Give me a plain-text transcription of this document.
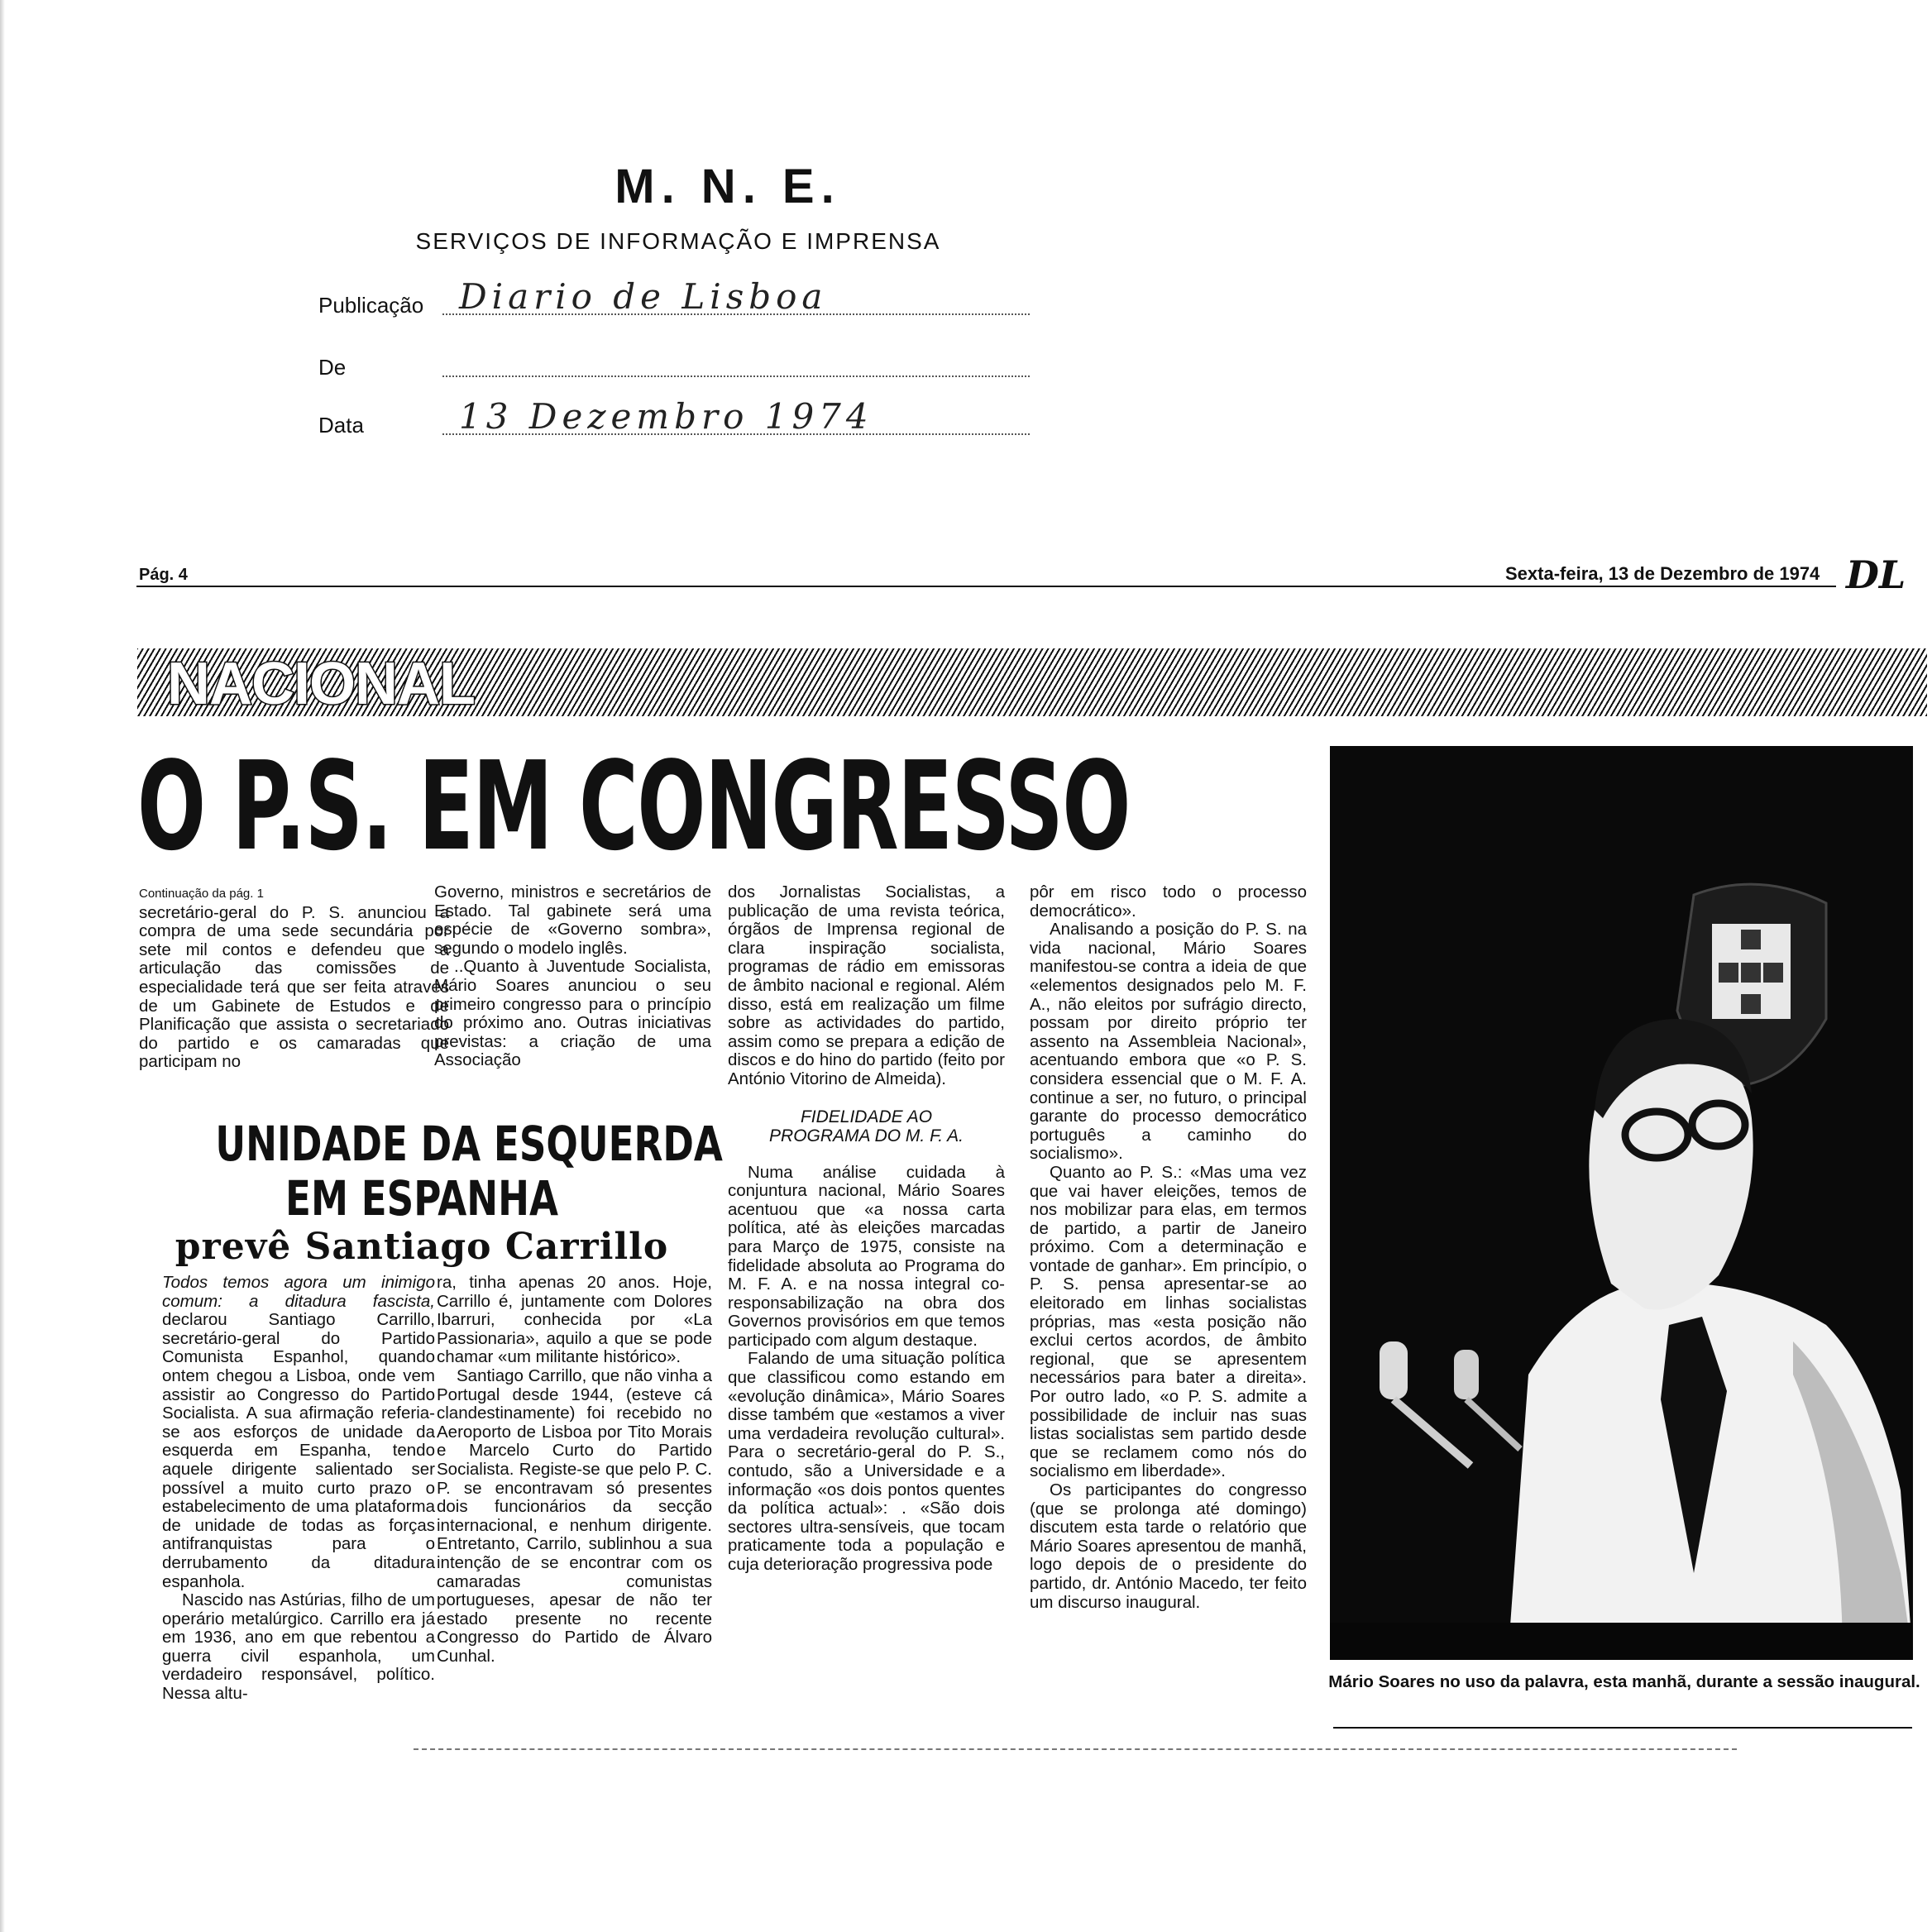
M. N. E.
SERVIÇOS DE INFORMAÇÃO E IMPRENSA
Publicação Diario de Lisboa
De
Data	13 Dezembro 1974
Pág. 4	Sexta-feira, 13 de Dezembro de 1974 DL
NACIONAL
O P.S. EM CONGRESSO
Continuação da pág. 1

secretário-geral do P. S. anunciou a compra de uma sede secundária por sete mil contos e defendeu que a articulação das comissões de especialidade terá que ser feita através de um Gabinete de Estudos e de Planificação que assista o secretariado do partido e os camaradas que participam no

Governo, ministros e secretários de Estado. Tal gabinete será uma espécie de «Governo sombra», segundo o modelo inglês.

..Quanto à Juventude Socialista, Mário Soares anunciou o seu primeiro congresso para o princípio do próximo ano. Outras iniciativas previstas: a criação de uma Associação

UNIDADE DA ESQUERDA
EM ESPANHA
prevê Santiago Carrillo

Todos temos agora um inimigo comum: a ditadura fascista, declarou Santiago Carrillo, secretário-geral do Partido Comunista Espanhol, quando ontem chegou a Lisboa, onde vem assistir ao Congresso do Partido Socialista. A sua afirmação referia-se aos esforços de unidade da esquerda em Espanha, tendo aquele dirigente salientado ser possível a muito curto prazo o estabelecimento de uma plataforma de unidade de todas as forças antifranquistas para o derrubamento da ditadura espanhola.

Nascido nas Astúrias, filho de um operário metalúrgico. Carrillo era já em 1936, ano em que rebentou a guerra civil espanhola, um verdadeiro responsável, político. Nessa altu-

ra, tinha apenas 20 anos. Hoje, Carrillo é, juntamente com Dolores Ibarruri, conhecida por «La Passionaria», aquilo a que se pode chamar «um militante histórico».

Santiago Carrillo, que não vinha a Portugal desde 1944, (esteve cá clandestinamente) foi recebido no Aeroporto de Lisboa por Tito Morais e Marcelo Curto do Partido Socialista. Registe-se que pelo P. C. P. se encontravam só presentes dois funcionários da secção internacional, e nenhum dirigente. Entretanto, Carrilo, sublinhou a sua intenção de se encontrar com os camaradas comunistas portugueses, apesar de não ter estado presente no recente Congresso do Partido de Álvaro Cunhal.

dos Jornalistas Socialistas, a publicação de uma revista teórica, órgãos de Imprensa regional de clara inspiração socialista, programas de rádio em emissoras de âmbito nacional e regional. Além disso, está em realização um filme sobre as actividades do partido, assim como se prepara a edição de discos e do hino do partido (feito por António Vitorino de Almeida).

FIDELIDADE AO PROGRAMA DO M. F. A.

Numa análise cuidada à conjuntura nacional, Mário Soares acentuou que «a nossa carta política, até às eleições marcadas para Março de 1975, consiste na fidelidade absoluta ao Programa do M. F. A. e na nossa integral co-responsabilização na obra dos Governos provisórios em que temos participado com algum destaque.

Falando de uma situação política que classificou como estando em «evolução dinâmica», Mário Soares disse também que «estamos a viver uma verdadeira revolução cultural». Para o secretário-geral do P. S., contudo, são a Universidade e a informação «os dois pontos quentes da política actual»: . «São dois sectores ultra-sensíveis, que tocam praticamente toda a população e cuja deterioração progressiva pode

pôr em risco todo o processo democrático».

Analisando a posição do P. S. na vida nacional, Mário Soares manifestou-se contra a ideia de que «elementos designados pelo M. F. A., não eleitos por sufrágio directo, possam por direito próprio ter assento na Assembleia Nacional», acentuando embora que «o P. S. considera essencial que o M. F. A. continue a ser, no futuro, o principal garante do processo democrático português a caminho do socialismo».

Quanto ao P. S.: «Mas uma vez que vai haver eleições, temos de nos mobilizar para elas, em termos de partido, a partir de Janeiro próximo. Com a determinação e vontade de ganhar». Em princípio, o P. S. pensa apresentar-se ao eleitorado em linhas socialistas próprias, mas «esta posição não exclui certos acordos, de âmbito regional, que se apresentem necessários para bater a direita». Por outro lado, «o P. S. admite a possibilidade de incluir nas suas listas socialistas sem partido desde que se reclamem como nós do socialismo em liberdade».

Os participantes do congresso (que se prolonga até domingo) discutem esta tarde o relatório que Mário Soares apresentou de manhã, logo depois de o presidente do partido, dr. António Macedo, ter feito um discurso inaugural.

Mário Soares no uso da palavra, esta manhã, durante a sessão inaugural.
